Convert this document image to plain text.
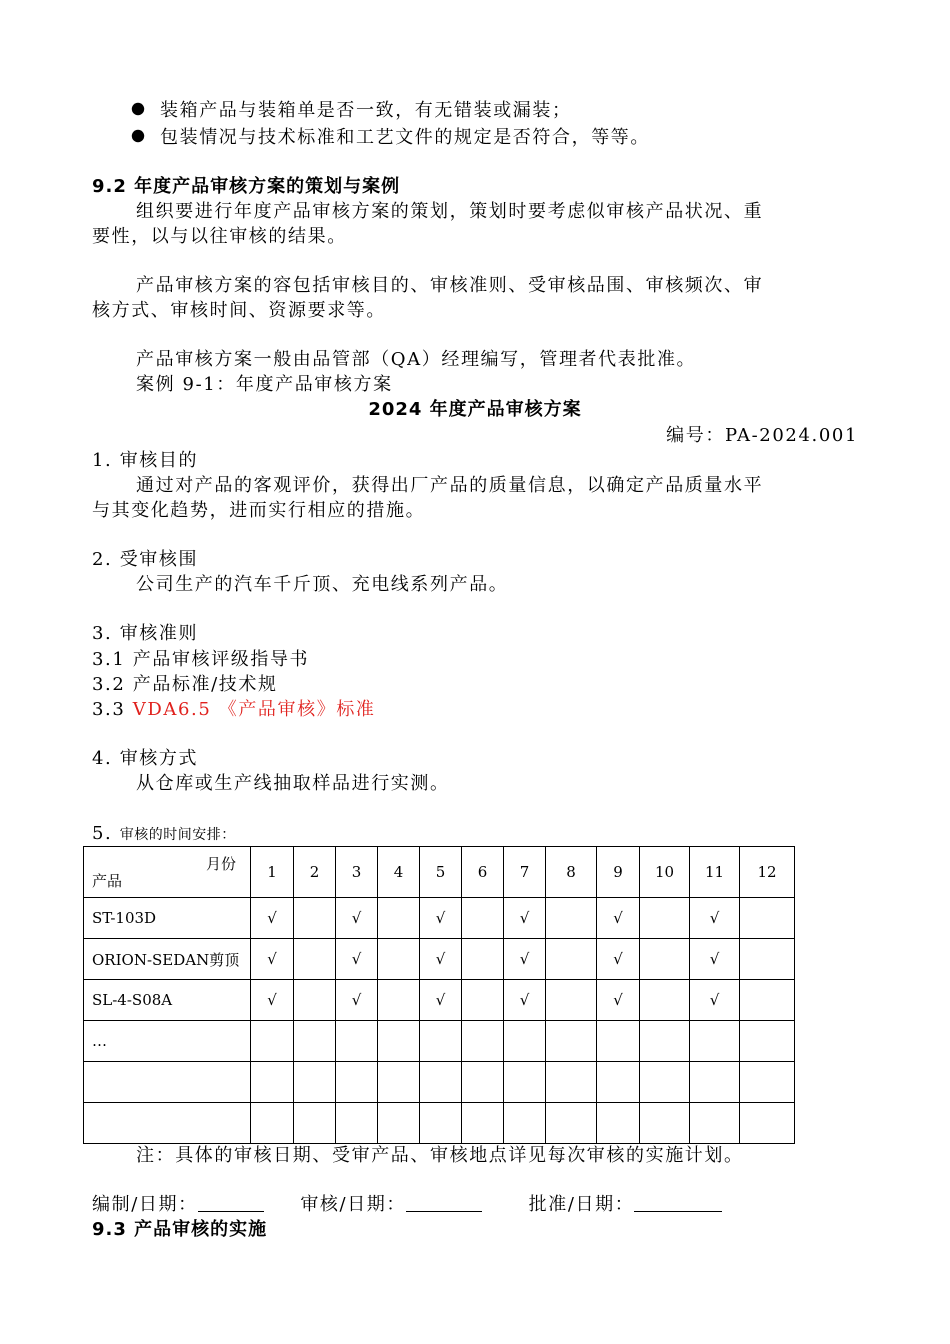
装箱产品与装箱单是否一致，有无错装或漏装；
包装情况与技术标准和工艺文件的规定是否符合，等等。
9.2 年度产品审核方案的策划与案例
组织要进行年度产品审核方案的策划，策划时要考虑似审核产品状况、重
要性，以与以往审核的结果。
产品审核方案的容包括审核目的、审核准则、受审核品围、审核频次、审
核方式、审核时间、资源要求等。
产品审核方案一般由品管部（QA）经理编写，管理者代表批准。
案例 9-1：年度产品审核方案
2024 年度产品审核方案
编号：PA-2024.001
1. 审核目的
通过对产品的客观评价，获得出厂产品的质量信息，以确定产品质量水平
与其变化趋势，进而实行相应的措施。
2. 受审核围
公司生产的汽车千斤顶、充电线系列产品。
3. 审核准则
3.1 产品审核评级指导书
3.2 产品标准/技术规
3.3 VDA6.5 《产品审核》标准
4. 审核方式
从仓库或生产线抽取样品进行实测。
5. 审核的时间安排：
月份
产品	1	2	3	4	5	6	7	8	9	10	11	12
ST-103D	√		√		√		√		√		√	
ORION-SEDAN剪顶	√		√		√		√		√		√	
SL-4-S08A	√		√		√		√		√		√	
…												

注：具体的审核日期、受审产品、审核地点详见每次审核的实施计划。
编制/日期：	审核/日期：	批准/日期：
9.3 产品审核的实施
